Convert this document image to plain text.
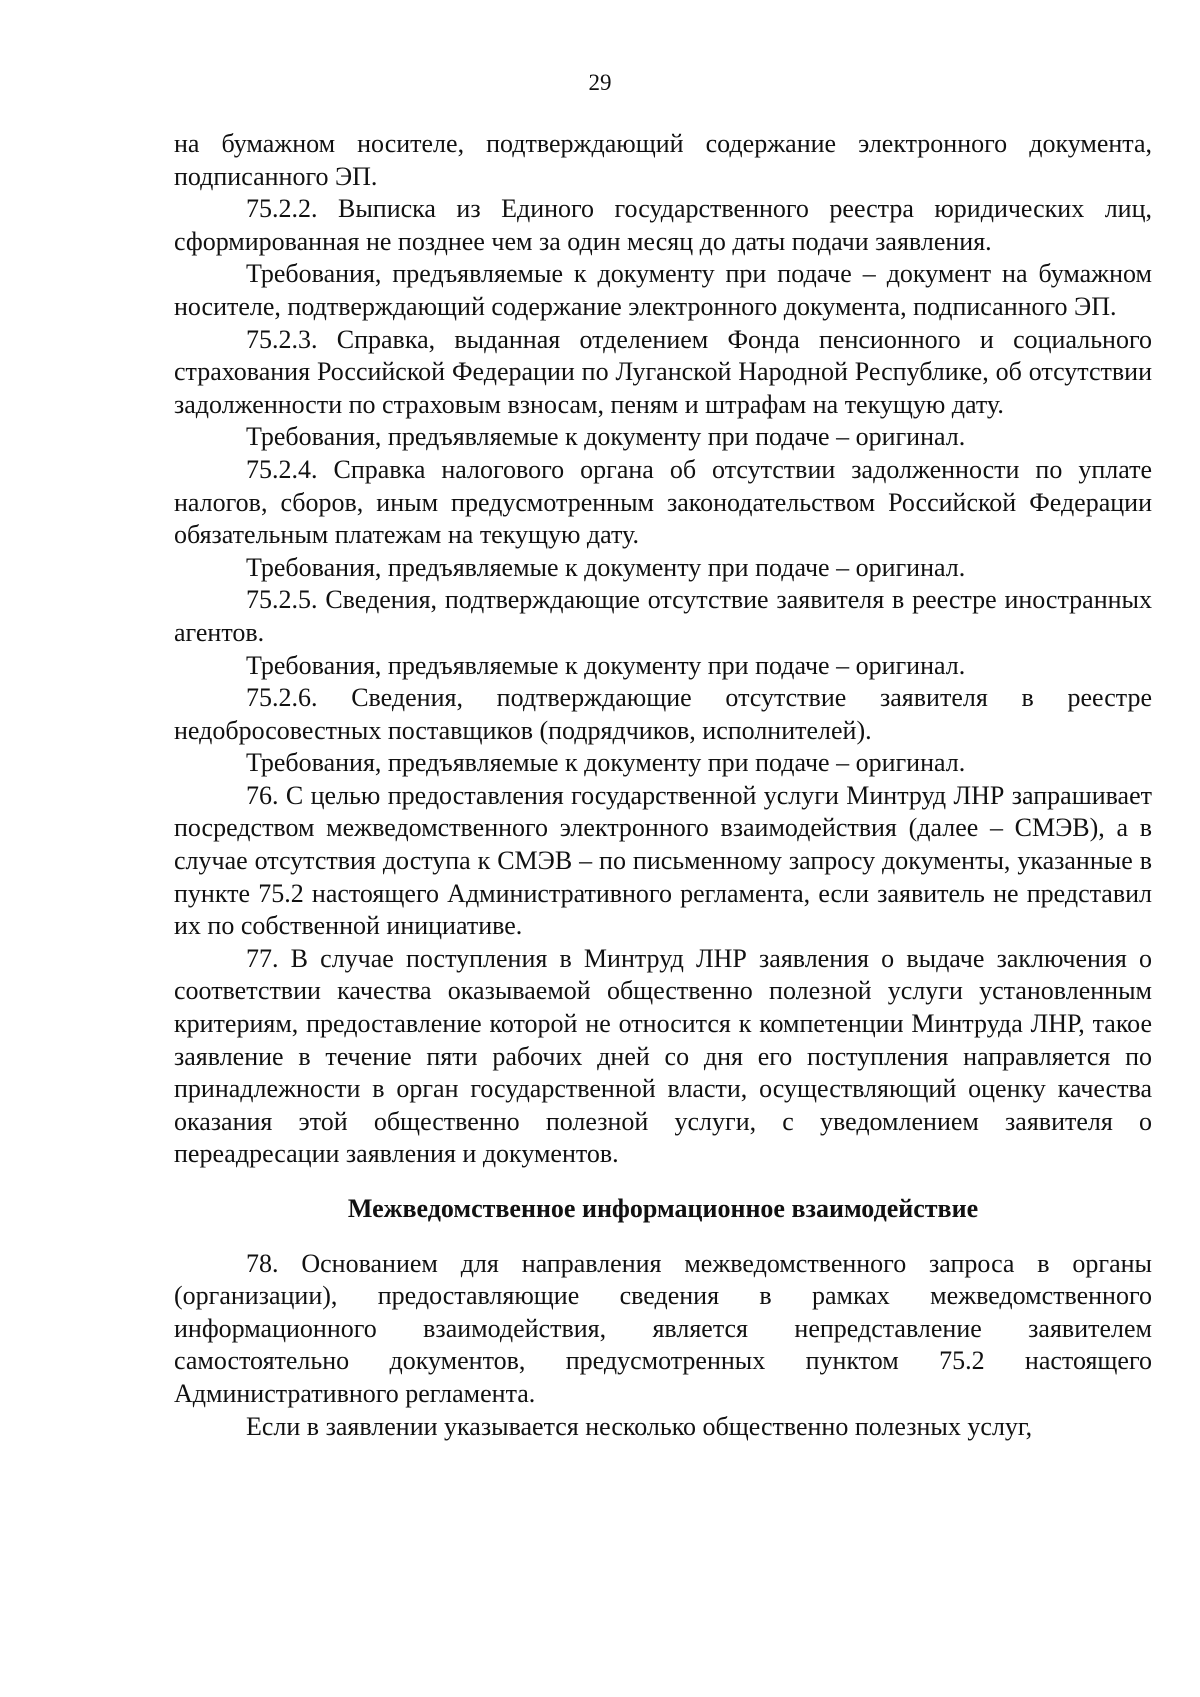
29

на бумажном носителе, подтверждающий содержание электронного документа, подписанного ЭП.

75.2.2. Выписка из Единого государственного реестра юридических лиц, сформированная не позднее чем за один месяц до даты подачи заявления.

Требования, предъявляемые к документу при подаче – документ на бумажном носителе, подтверждающий содержание электронного документа, подписанного ЭП.

75.2.3. Справка, выданная отделением Фонда пенсионного и социального страхования Российской Федерации по Луганской Народной Республике, об отсутствии задолженности по страховым взносам, пеням и штрафам на текущую дату.

Требования, предъявляемые к документу при подаче – оригинал.

75.2.4. Справка налогового органа об отсутствии задолженности по уплате налогов, сборов, иным предусмотренным законодательством Российской Федерации обязательным платежам на текущую дату.

Требования, предъявляемые к документу при подаче – оригинал.

75.2.5. Сведения, подтверждающие отсутствие заявителя в реестре иностранных агентов.

Требования, предъявляемые к документу при подаче – оригинал.

75.2.6. Сведения, подтверждающие отсутствие заявителя в реестре недобросовестных поставщиков (подрядчиков, исполнителей).

Требования, предъявляемые к документу при подаче – оригинал.

76. С целью предоставления государственной услуги Минтруд ЛНР запрашивает посредством межведомственного электронного взаимодействия (далее – СМЭВ), а в случае отсутствия доступа к СМЭВ – по письменному запросу документы, указанные в пункте 75.2 настоящего Административного регламента, если заявитель не представил их по собственной инициативе.

77. В случае поступления в Минтруд ЛНР заявления о выдаче заключения о соответствии качества оказываемой общественно полезной услуги установленным критериям, предоставление которой не относится к компетенции Минтруда ЛНР, такое заявление в течение пяти рабочих дней со дня его поступления направляется по принадлежности в орган государственной власти, осуществляющий оценку качества оказания этой общественно полезной услуги, с уведомлением заявителя о переадресации заявления и документов.

Межведомственное информационное взаимодействие

78. Основанием для направления межведомственного запроса в органы (организации), предоставляющие сведения в рамках межведомственного информационного взаимодействия, является непредставление заявителем самостоятельно документов, предусмотренных пунктом 75.2 настоящего Административного регламента.

Если в заявлении указывается несколько общественно полезных услуг,
